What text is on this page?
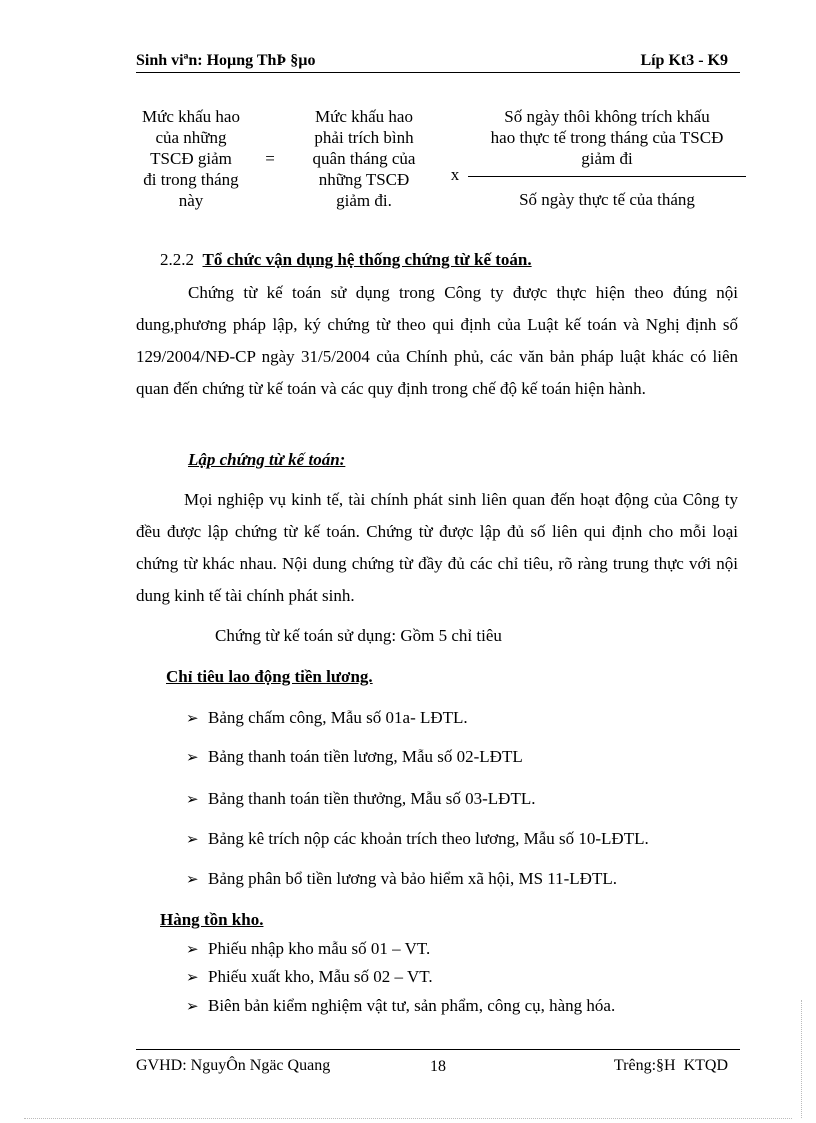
Sinh viªn: Hoµng ThÞ §µo	Líp Kt3 - K9
Mức khấu hao
của những
TSCĐ giảm
đi trong tháng
này
=
Mức khấu hao
phải trích bình
quân tháng của
những TSCĐ
giảm đi.
x
Số ngày thôi không trích khấu
hao thực tế trong tháng của TSCĐ
giảm đi
Số ngày thực tế của tháng
2.2.2 Tổ chức vận dụng hệ thống chứng từ kế toán.
Chứng từ kế toán sử dụng trong Công ty được thực hiện theo đúng nội dung,phương pháp lập, ký chứng từ theo qui định của Luật kế toán và Nghị định số 129/2004/NĐ-CP ngày 31/5/2004 của Chính phủ, các văn bản pháp luật khác có liên quan đến chứng từ kế toán và các quy định trong chế độ kế toán hiện hành.
Lập chứng từ kế toán:
Mọi nghiệp vụ kinh tế, tài chính phát sinh liên quan đến hoạt động của Công ty đều được lập chứng từ kế toán. Chứng từ được lập đủ số liên qui định cho mỗi loại chứng từ khác nhau. Nội dung chứng từ đầy đủ các chỉ tiêu, rõ ràng trung thực với nội dung kinh tế tài chính phát sinh.
Chứng từ kế toán sử dụng: Gồm 5 chỉ tiêu
Chỉ tiêu lao động tiền lương.
➢ Bảng chấm công, Mẫu số 01a- LĐTL.
➢ Bảng thanh toán tiền lương, Mẫu số 02-LĐTL
➢ Bảng thanh toán tiền thưởng, Mẫu số 03-LĐTL.
➢ Bảng kê trích nộp các khoản trích theo lương, Mẫu số 10-LĐTL.
➢ Bảng phân bổ tiền lương và bảo hiểm xã hội, MS 11-LĐTL.
Hàng tồn kho.
➢ Phiếu nhập kho mẫu số 01 – VT.
➢ Phiếu xuất kho, Mẫu số 02 – VT.
➢ Biên bản kiểm nghiệm vật tư, sản phẩm, công cụ, hàng hóa.
GVHD: NguyÔn Ngäc Quang	18	Trêng:§H  KTQD
